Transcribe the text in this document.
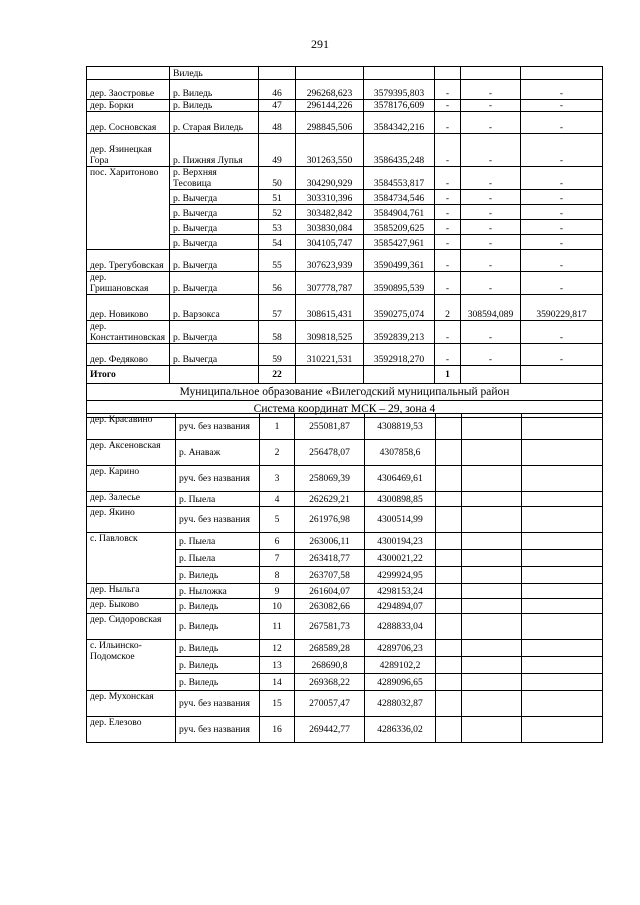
291
	Виледь						
дер. Заостровье	р. Виледь	46	296268,623	3579395,803	-	-	-
дер. Борки	р. Виледь	47	296144,226	3578176,609	-	-	-
дер. Сосновская	р. Старая Виледь	48	298845,506	3584342,216	-	-	-
дер. Язинецкая Гора	р. Пижняя Лупья	49	301263,550	3586435,248	-	-	-
пос. Харитоново	р. Верхняя Тесовица	50	304290,929	3584553,817	-	-	-
	р. Вычегда	51	303310,396	3584734,546	-	-	-
	р. Вычегда	52	303482,842	3584904,761	-	-	-
	р. Вычегда	53	303830,084	3585209,625	-	-	-
	р. Вычегда	54	304105,747	3585427,961	-	-	-
дер. Трегубовская	р. Вычегда	55	307623,939	3590499,361	-	-	-
дер. Гришановская	р. Вычегда	56	307778,787	3590895,539	-	-	-
дер. Новиково	р. Варзокса	57	308615,431	3590275,074	2	308594,089	3590229,817
дер. Константиновская	р. Вычегда	58	309818,525	3592839,213	-	-	-
дер. Федяково	р. Вычегда	59	310221,531	3592918,270	-	-	-
Итого		22			1		
Муниципальное образование «Вилегодский муниципальный район							
Система координат МСК – 29, зона 4							
дер. Красавино	руч. без названия	1	255081,87	4308819,53			
дер. Аксеновская	р. Анаваж	2	256478,07	4307858,6			
дер. Карино	руч. без названия	3	258069,39	4306469,61			
дер. Залесье	р. Пыела	4	262629,21	4300898,85			
дер. Якино	руч. без названия	5	261976,98	4300514,99			
с. Павловск	р. Пыела	6	263006,11	4300194,23			
	р. Пыела	7	263418,77	4300021,22			
	р. Виледь	8	263707,58	4299924,95			
дер. Ныльга	р. Ныложка	9	261604,07	4298153,24			
дер. Быково	р. Виледь	10	263082,66	4294894,07			
дер. Сидоровская	р. Виледь	11	267581,73	4288833,04			
с. Ильинско-Подомское	р. Виледь	12	268589,28	4289706,23			
	р. Виледь	13	268690,8	4289102,2			
	р. Виледь	14	269368,22	4289096,65			
дер. Мухонская	руч. без названия	15	270057,47	4288032,87			
дер. Елезово	руч. без названия	16	269442,77	4286336,02			
